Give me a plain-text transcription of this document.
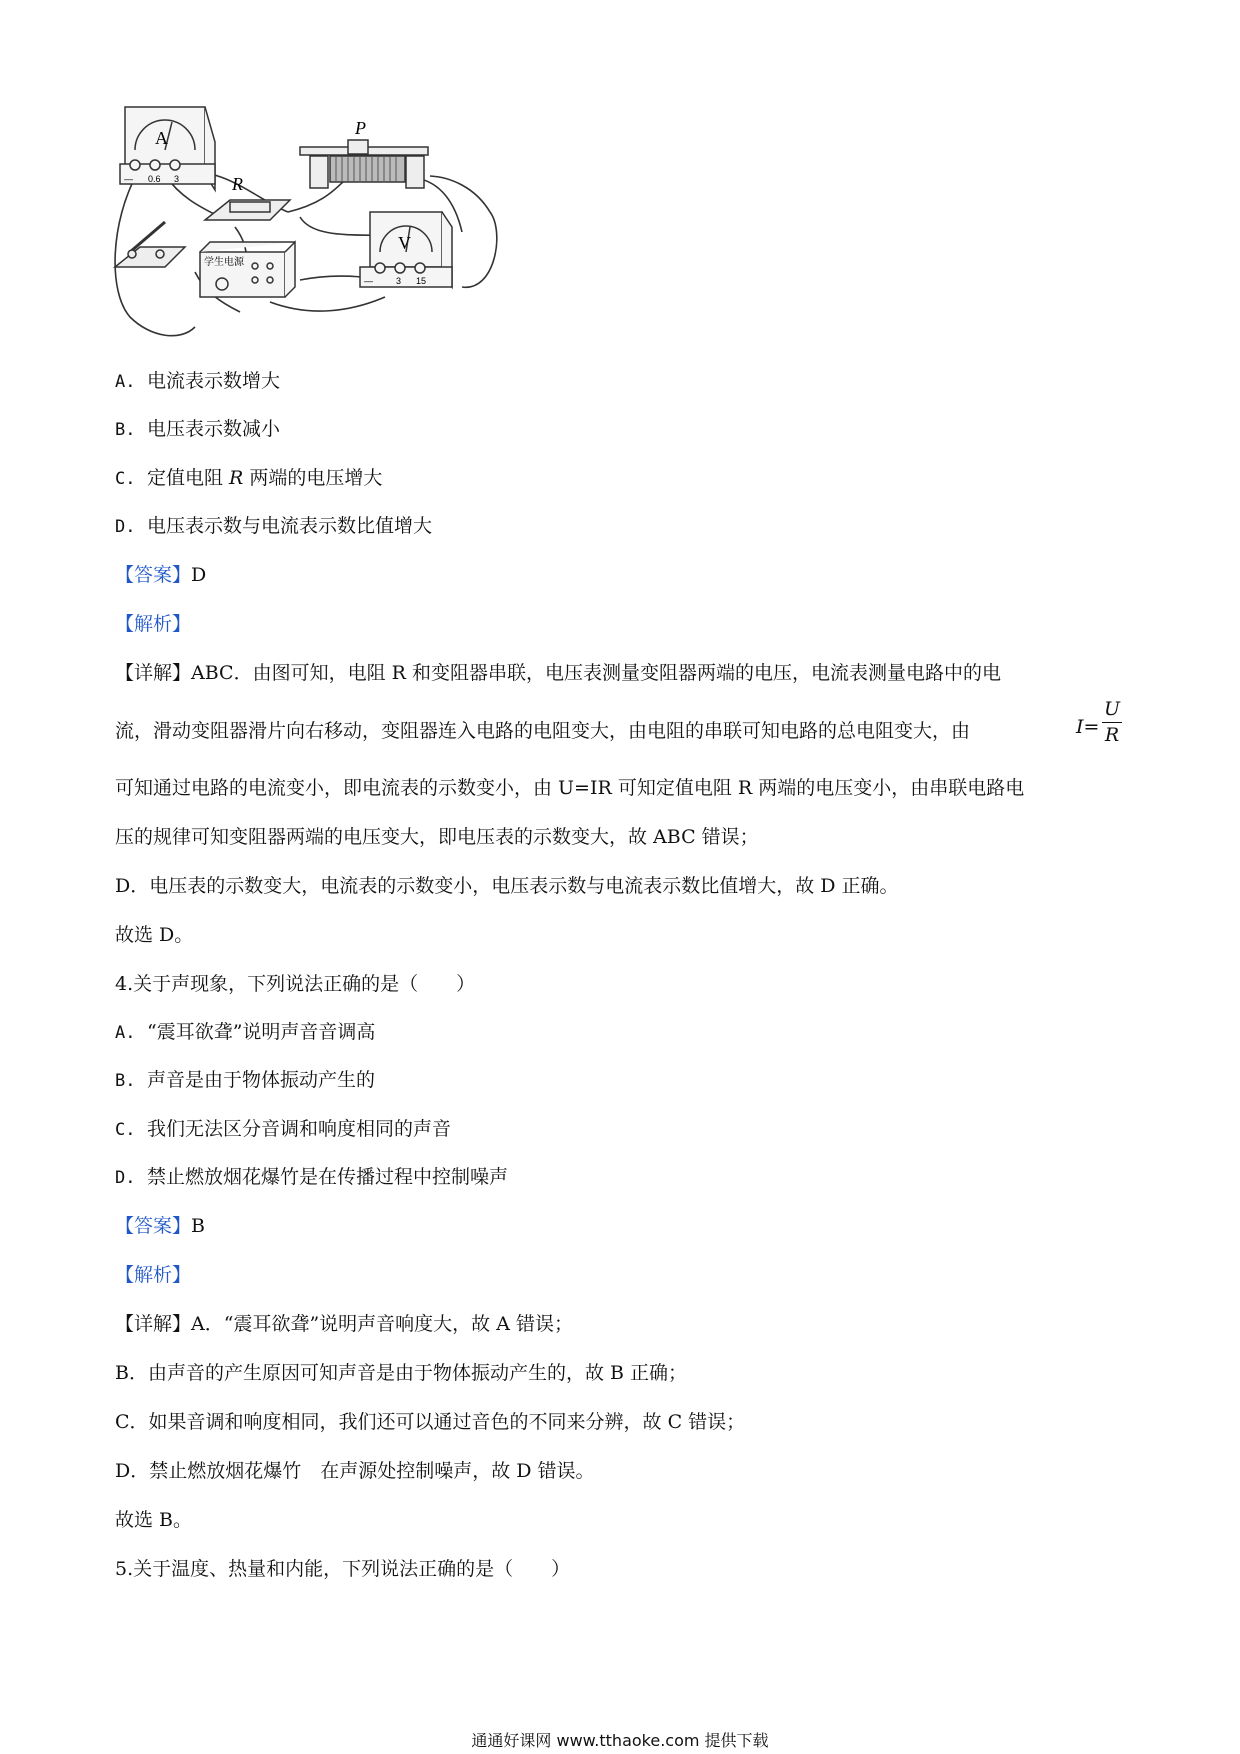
A
— 0.6 3
P
R
学生电源
V
—	3 15
A. 电流表示数增大
B. 电压表示数减小
C. 定值电阻 R 两端的电压增大
D. 电压表示数与电流表示数比值增大
【答案】D
【解析】
【详解】ABC．由图可知，电阻 R 和变阻器串联，电压表测量变阻器两端的电压，电流表测量电路中的电
流，滑动变阻器滑片向右移动，变阻器连入电路的电阻变大，由电阻的串联可知电路的总电阻变大，由	$I= \frac{U}{R}$
可知通过电路的电流变小，即电流表的示数变小，由 U=IR 可知定值电阻 R 两端的电压变小，由串联电路电
压的规律可知变阻器两端的电压变大，即电压表的示数变大，故 ABC 错误；
D．电压表的示数变大，电流表的示数变小，电压表示数与电流表示数比值增大，故 D 正确。
故选 D。
4.关于声现象，下列说法正确的是（　　）
A. “震耳欲聋”说明声音音调高
B. 声音是由于物体振动产生的
C. 我们无法区分音调和响度相同的声音
D. 禁止燃放烟花爆竹是在传播过程中控制噪声
【答案】B
【解析】
【详解】A．“震耳欲聋”说明声音响度大，故 A 错误；
B．由声音的产生原因可知声音是由于物体振动产生的，故 B 正确；
C．如果音调和响度相同，我们还可以通过音色的不同来分辨，故 C 错误；
D．禁止燃放烟花爆竹　在声源处控制噪声，故 D 错误。
故选 B。
5.关于温度、热量和内能，下列说法正确的是（　　）
通通好课网 www.tthaoke.com 提供下载
